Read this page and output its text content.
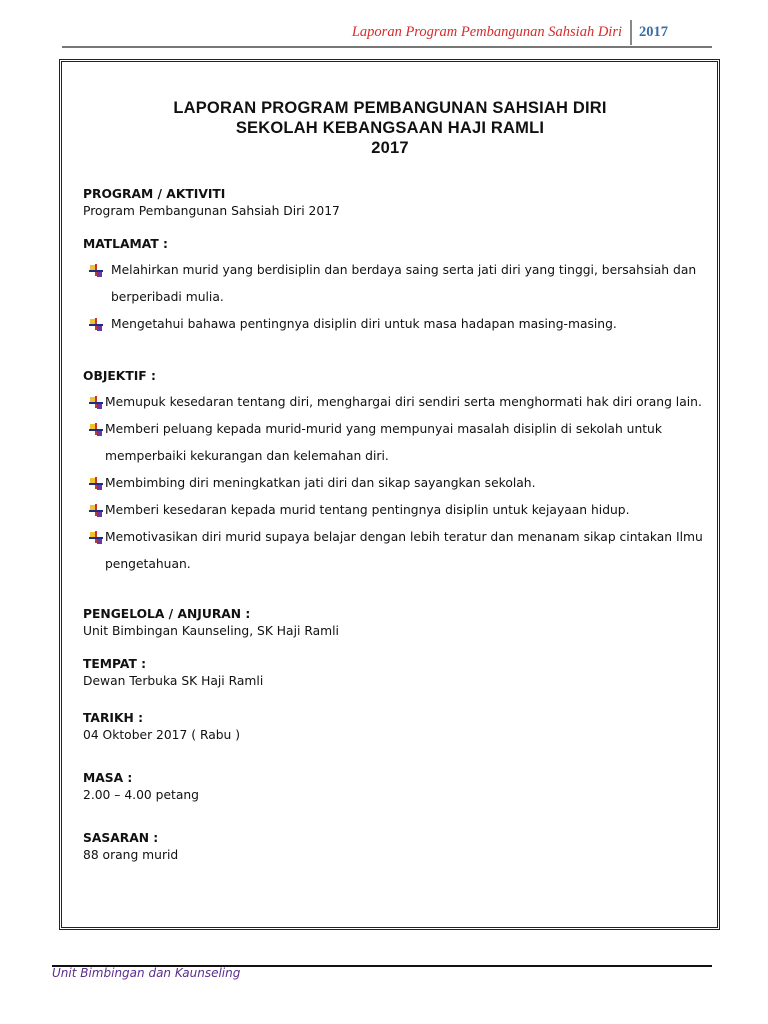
Laporan Program Pembangunan Sahsiah Diri 2017
LAPORAN PROGRAM PEMBANGUNAN SAHSIAH DIRI
SEKOLAH KEBANGSAAN HAJI RAMLI
2017
PROGRAM / AKTIVITI
Program Pembangunan Sahsiah Diri 2017
MATLAMAT :
Melahirkan murid yang berdisiplin dan berdaya saing serta jati diri yang tinggi, bersahsiah dan berperibadi mulia.
Mengetahui bahawa pentingnya disiplin diri untuk masa hadapan masing-masing.
OBJEKTIF :
Memupuk kesedaran tentang diri, menghargai diri sendiri serta menghormati hak diri orang lain.
Memberi peluang kepada murid-murid yang mempunyai masalah disiplin di sekolah untuk memperbaiki kekurangan dan kelemahan diri.
Membimbing diri meningkatkan jati diri dan sikap sayangkan sekolah.
Memberi kesedaran kepada murid tentang pentingnya disiplin untuk kejayaan hidup.
Memotivasikan diri murid supaya belajar dengan lebih teratur dan menanam sikap cintakan Ilmu pengetahuan.
PENGELOLA / ANJURAN :
Unit Bimbingan Kaunseling, SK Haji Ramli
TEMPAT :
Dewan Terbuka SK Haji Ramli
TARIKH :
04 Oktober 2017 ( Rabu )
MASA :
2.00 – 4.00 petang
SASARAN :
88 orang murid
Unit Bimbingan dan Kaunseling
